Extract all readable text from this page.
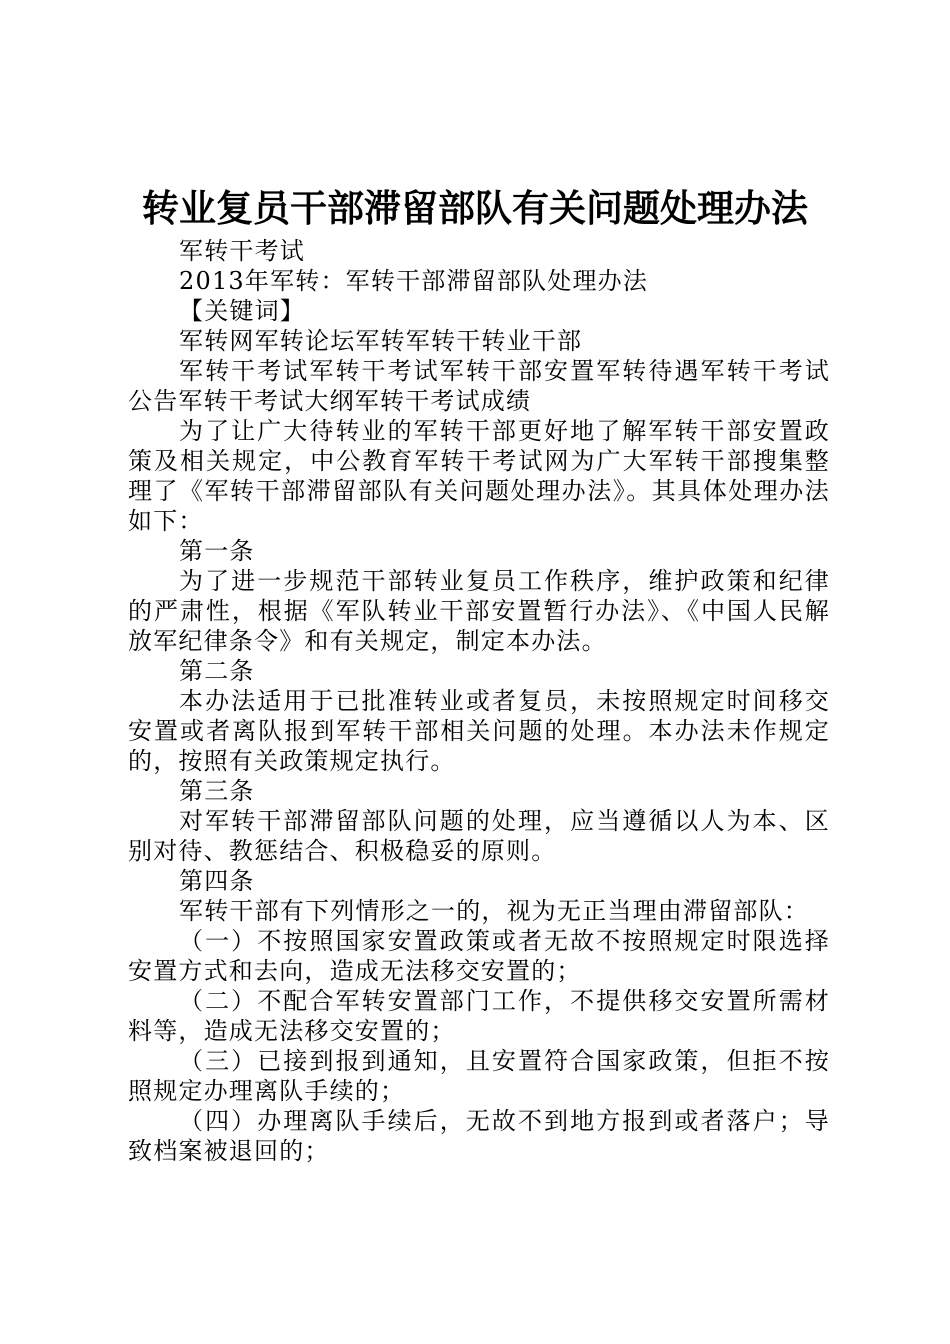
转业复员干部滞留部队有关问题处理办法

军转干考试

2013年军转：军转干部滞留部队处理办法

【关键词】

军转网军转论坛军转军转干转业干部

军转干考试军转干考试军转干部安置军转待遇军转干考试公告军转干考试大纲军转干考试成绩

为了让广大待转业的军转干部更好地了解军转干部安置政策及相关规定，中公教育军转干考试网为广大军转干部搜集整理了《军转干部滞留部队有关问题处理办法》。其具体处理办法如下：

第一条

为了进一步规范干部转业复员工作秩序，维护政策和纪律的严肃性，根据《军队转业干部安置暂行办法》、《中国人民解放军纪律条令》和有关规定，制定本办法。

第二条

本办法适用于已批准转业或者复员，未按照规定时间移交安置或者离队报到军转干部相关问题的处理。本办法未作规定的，按照有关政策规定执行。

第三条

对军转干部滞留部队问题的处理，应当遵循以人为本、区别对待、教惩结合、积极稳妥的原则。

第四条

军转干部有下列情形之一的，视为无正当理由滞留部队：

（一）不按照国家安置政策或者无故不按照规定时限选择安置方式和去向，造成无法移交安置的；

（二）不配合军转安置部门工作，不提供移交安置所需材料等，造成无法移交安置的；

（三）已接到报到通知，且安置符合国家政策，但拒不按照规定办理离队手续的；

（四）办理离队手续后，无故不到地方报到或者落户；导致档案被退回的；
